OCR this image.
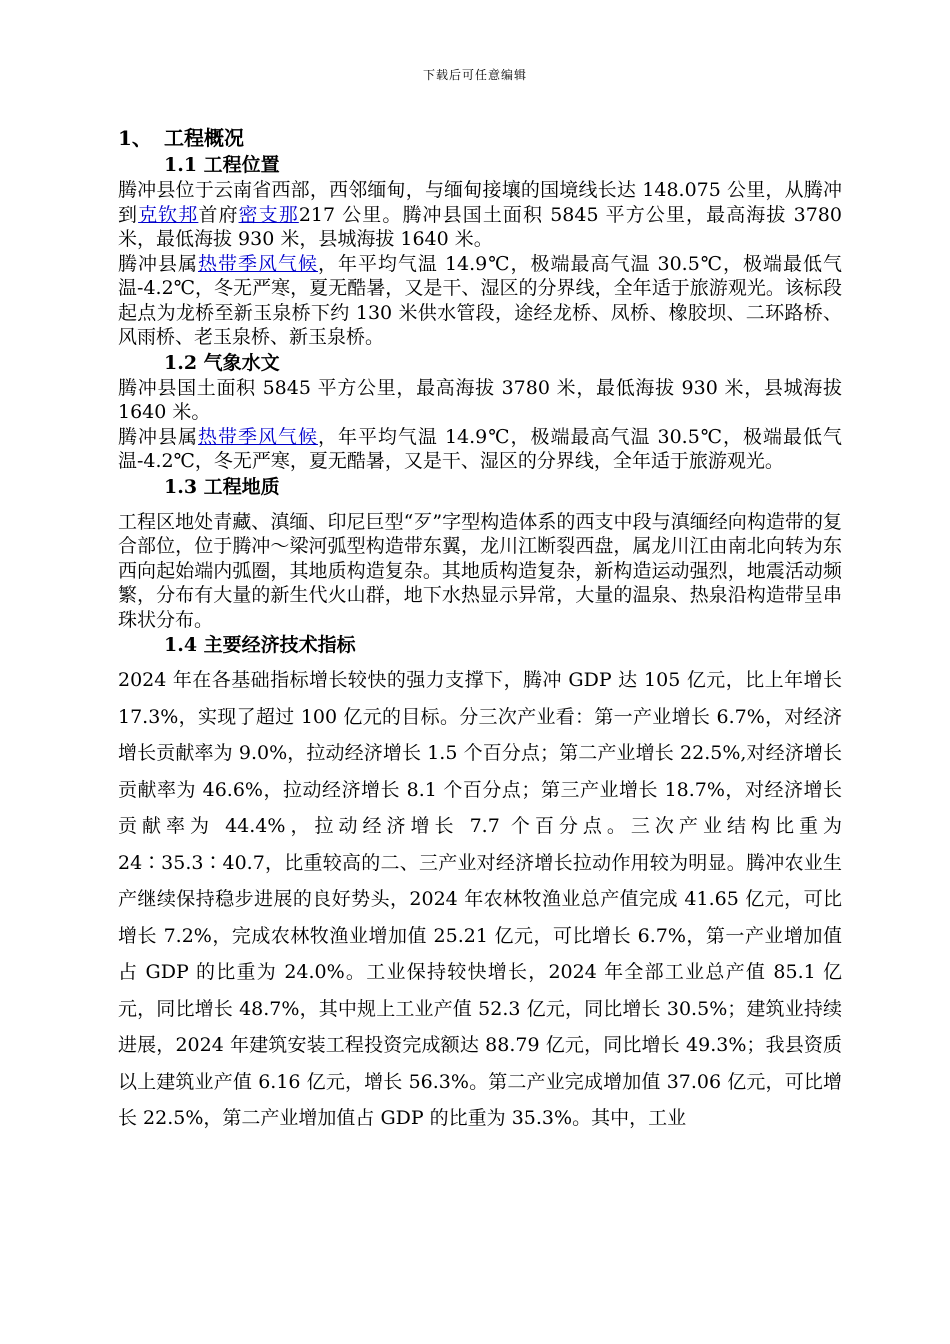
下载后可任意编辑
1、 工程概况
1.1 工程位置

腾冲县位于云南省西部，西邻缅甸，与缅甸接壤的国境线长达 148.075 公里，从腾冲到克钦邦首府密支那217 公里。腾冲县国土面积 5845 平方公里，最高海拔 3780 米，最低海拔 930 米，县城海拔 1640 米。

腾冲县属热带季风气候，年平均气温 14.9℃，极端最高气温 30.5℃，极端最低气温-4.2℃，冬无严寒，夏无酷暑，又是干、湿区的分界线，全年适于旅游观光。该标段起点为龙桥至新玉泉桥下约 130 米供水管段，途经龙桥、凤桥、橡胶坝、二环路桥、风雨桥、老玉泉桥、新玉泉桥。

1.2 气象水文

腾冲县国土面积 5845 平方公里，最高海拔 3780 米，最低海拔 930 米，县城海拔 1640 米。

腾冲县属热带季风气候，年平均气温 14.9℃，极端最高气温 30.5℃，极端最低气温-4.2℃，冬无严寒，夏无酷暑，又是干、湿区的分界线，全年适于旅游观光。

1.3 工程地质

工程区地处青藏、滇缅、印尼巨型“歹”字型构造体系的西支中段与滇缅经向构造带的复合部位，位于腾冲～梁河弧型构造带东翼，龙川江断裂西盘，属龙川江由南北向转为东西向起始端内弧圈，其地质构造复杂。其地质构造复杂，新构造运动强烈，地震活动频繁，分布有大量的新生代火山群，地下水热显示异常，大量的温泉、热泉沿构造带呈串珠状分布。

1.4 主要经济技术指标

2024 年在各基础指标增长较快的强力支撑下，腾冲 GDP 达 105 亿元，比上年增长 17.3%，实现了超过 100 亿元的目标。分三次产业看：第一产业增长 6.7%，对经济增长贡献率为 9.0%，拉动经济增长 1.5 个百分点；第二产业增长 22.5%,对经济增长贡献率为 46.6%，拉动经济增长 8.1 个百分点；第三产业增长 18.7%，对经济增长贡献率为 44.4%，拉动经济增长 7.7 个百分点。三次产业结构比重为 24∶35.3∶40.7，比重较高的二、三产业对经济增长拉动作用较为明显。腾冲农业生产继续保持稳步进展的良好势头，2024 年农林牧渔业总产值完成 41.65 亿元，可比增长 7.2%，完成农林牧渔业增加值 25.21 亿元，可比增长 6.7%，第一产业增加值占 GDP 的比重为 24.0%。工业保持较快增长，2024 年全部工业总产值 85.1 亿元，同比增长 48.7%，其中规上工业产值 52.3 亿元，同比增长 30.5%；建筑业持续进展，2024 年建筑安装工程投资完成额达 88.79 亿元，同比增长 49.3%；我县资质以上建筑业产值 6.16 亿元，增长 56.3%。第二产业完成增加值 37.06 亿元，可比增长 22.5%，第二产业增加值占 GDP 的比重为 35.3%。其中，工业
